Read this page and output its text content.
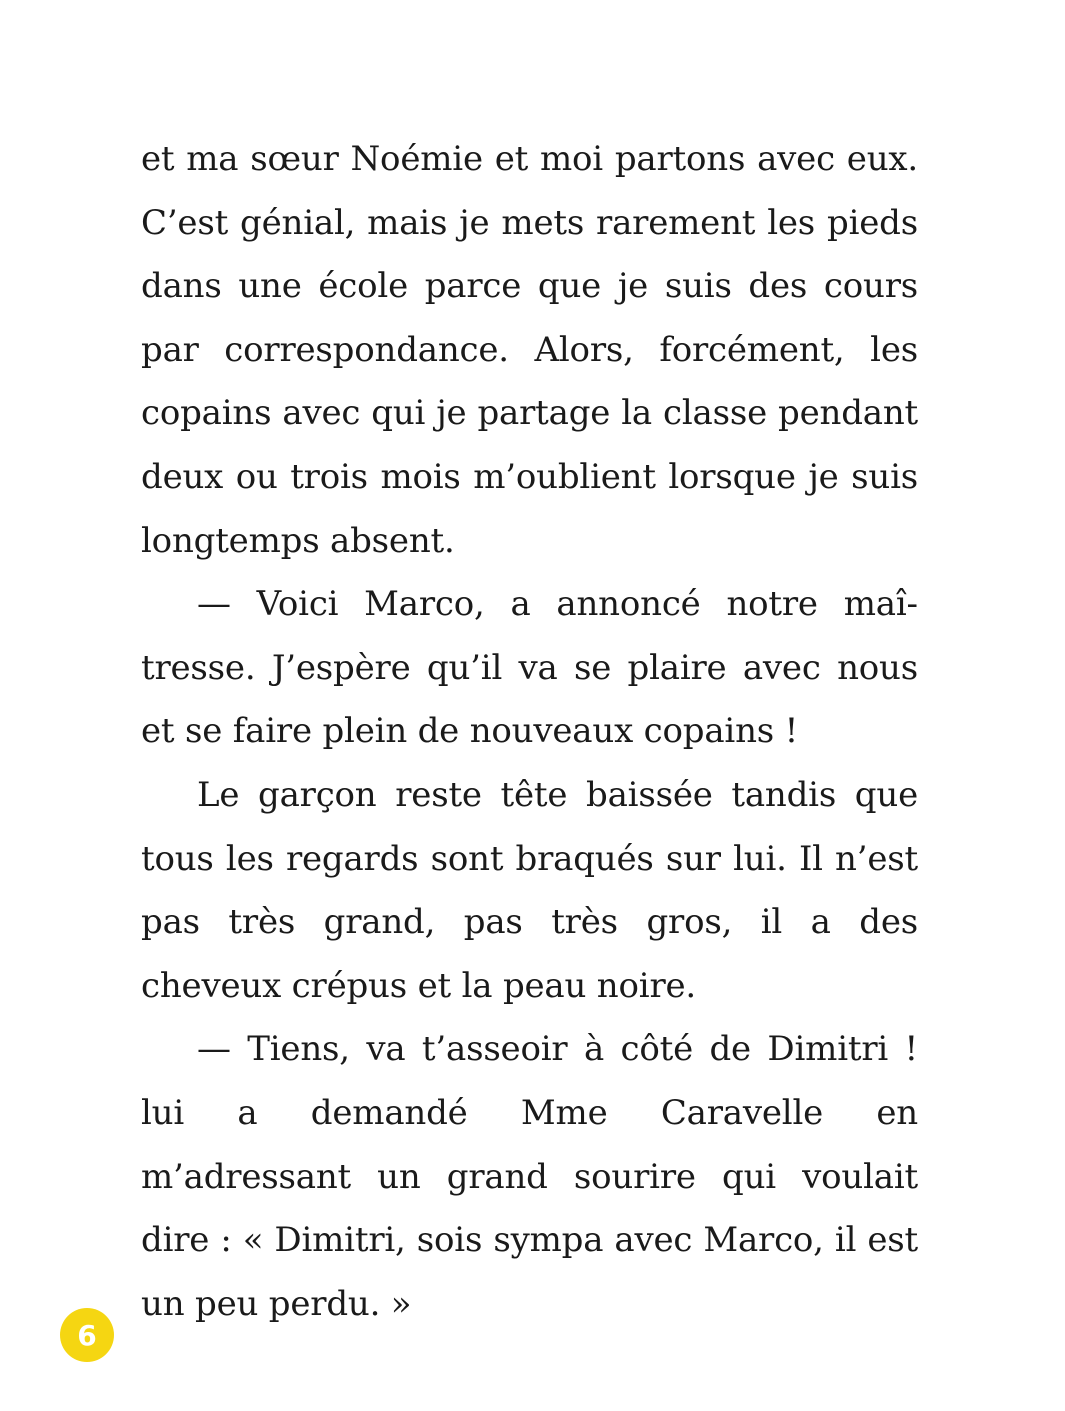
et ma sœur Noémie et moi partons avec eux. C’est génial, mais je mets rarement les pieds dans une école parce que je suis des cours par correspondance. Alors, forcément, les copains avec qui je partage la classe pendant deux ou trois mois m’oublient lorsque je suis longtemps absent.

— Voici Marco, a annoncé notre maîtresse. J’espère qu’il va se plaire avec nous et se faire plein de nouveaux copains !

Le garçon reste tête baissée tandis que tous les regards sont braqués sur lui. Il n’est pas très grand, pas très gros, il a des cheveux crépus et la peau noire.

— Tiens, va t’asseoir à côté de Dimitri ! lui a demandé Mme Caravelle en m’adressant un grand sourire qui voulait dire : « Dimitri, sois sympa avec Marco, il est un peu perdu. »

6
